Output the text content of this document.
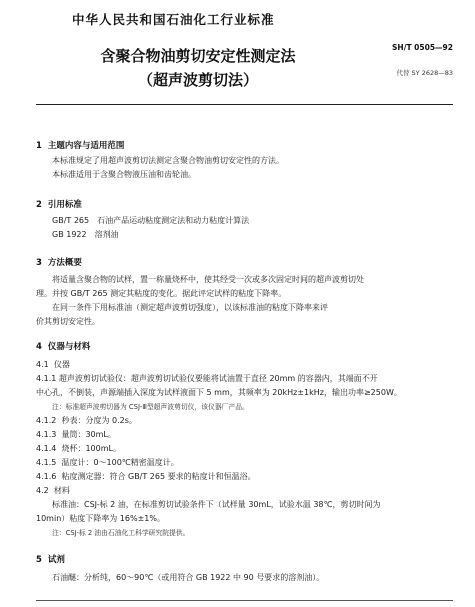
中华人民共和国石油化工行业标准
含聚合物油剪切安定性测定法
（超声波剪切法）
SH/T 0505—92
代替 SY 2628—83
1 主题内容与适用范围
本标准规定了用超声波剪切法测定含聚合物油剪切安定性的方法。
本标准适用于含聚合物液压油和齿轮油。
2 引用标准
GB/T 265　石油产品运动粘度测定法和动力粘度计算法
GB 1922　溶剂油
3 方法概要
将适量含聚合物的试样，置一称量烧杯中，使其经受一次或多次固定时间的超声波剪切处
理。并按 GB/T 265 测定其粘度的变化。据此评定试样的粘度下降率。
在同一条件下用标准油（测定超声波剪切强度），以该标准油的粘度下降率来评
价其剪切安定性。
4 仪器与材料
4.1 仪器
4.1.1 超声波剪切试验仪：超声波剪切试验仪要能将试油置于直径 20mm 的容器内，其端面不开
中心孔，不倒装，声源端插入深度为试样液面下 5 mm，其频率为 20kHz±1kHz，输出功率≥250W。
注：标准超声波剪切器为 CSJ-Ⅲ型超声波剪切仪，该仪器厂产品。
4.1.2 秒表：分度为 0.2s。
4.1.3 量筒：30mL。
4.1.4 烧杯：100mL。
4.1.5 温度计：0～100℃精密温度计。
4.1.6 粘度测定器：符合 GB/T 265 要求的粘度计和恒温浴。
4.2 材料
标准油：CSJ-标 2 油，在标准剪切试验条件下（试样量 30mL，试验水温 38℃，剪切时间为
10min）粘度下降率为 16%±1%。
注：CSJ-标 2 油由石油化工科学研究院提供。
5 试剂
石油醚：分析纯，60～90℃（或用符合 GB 1922 中 90 号要求的溶剂油）。
